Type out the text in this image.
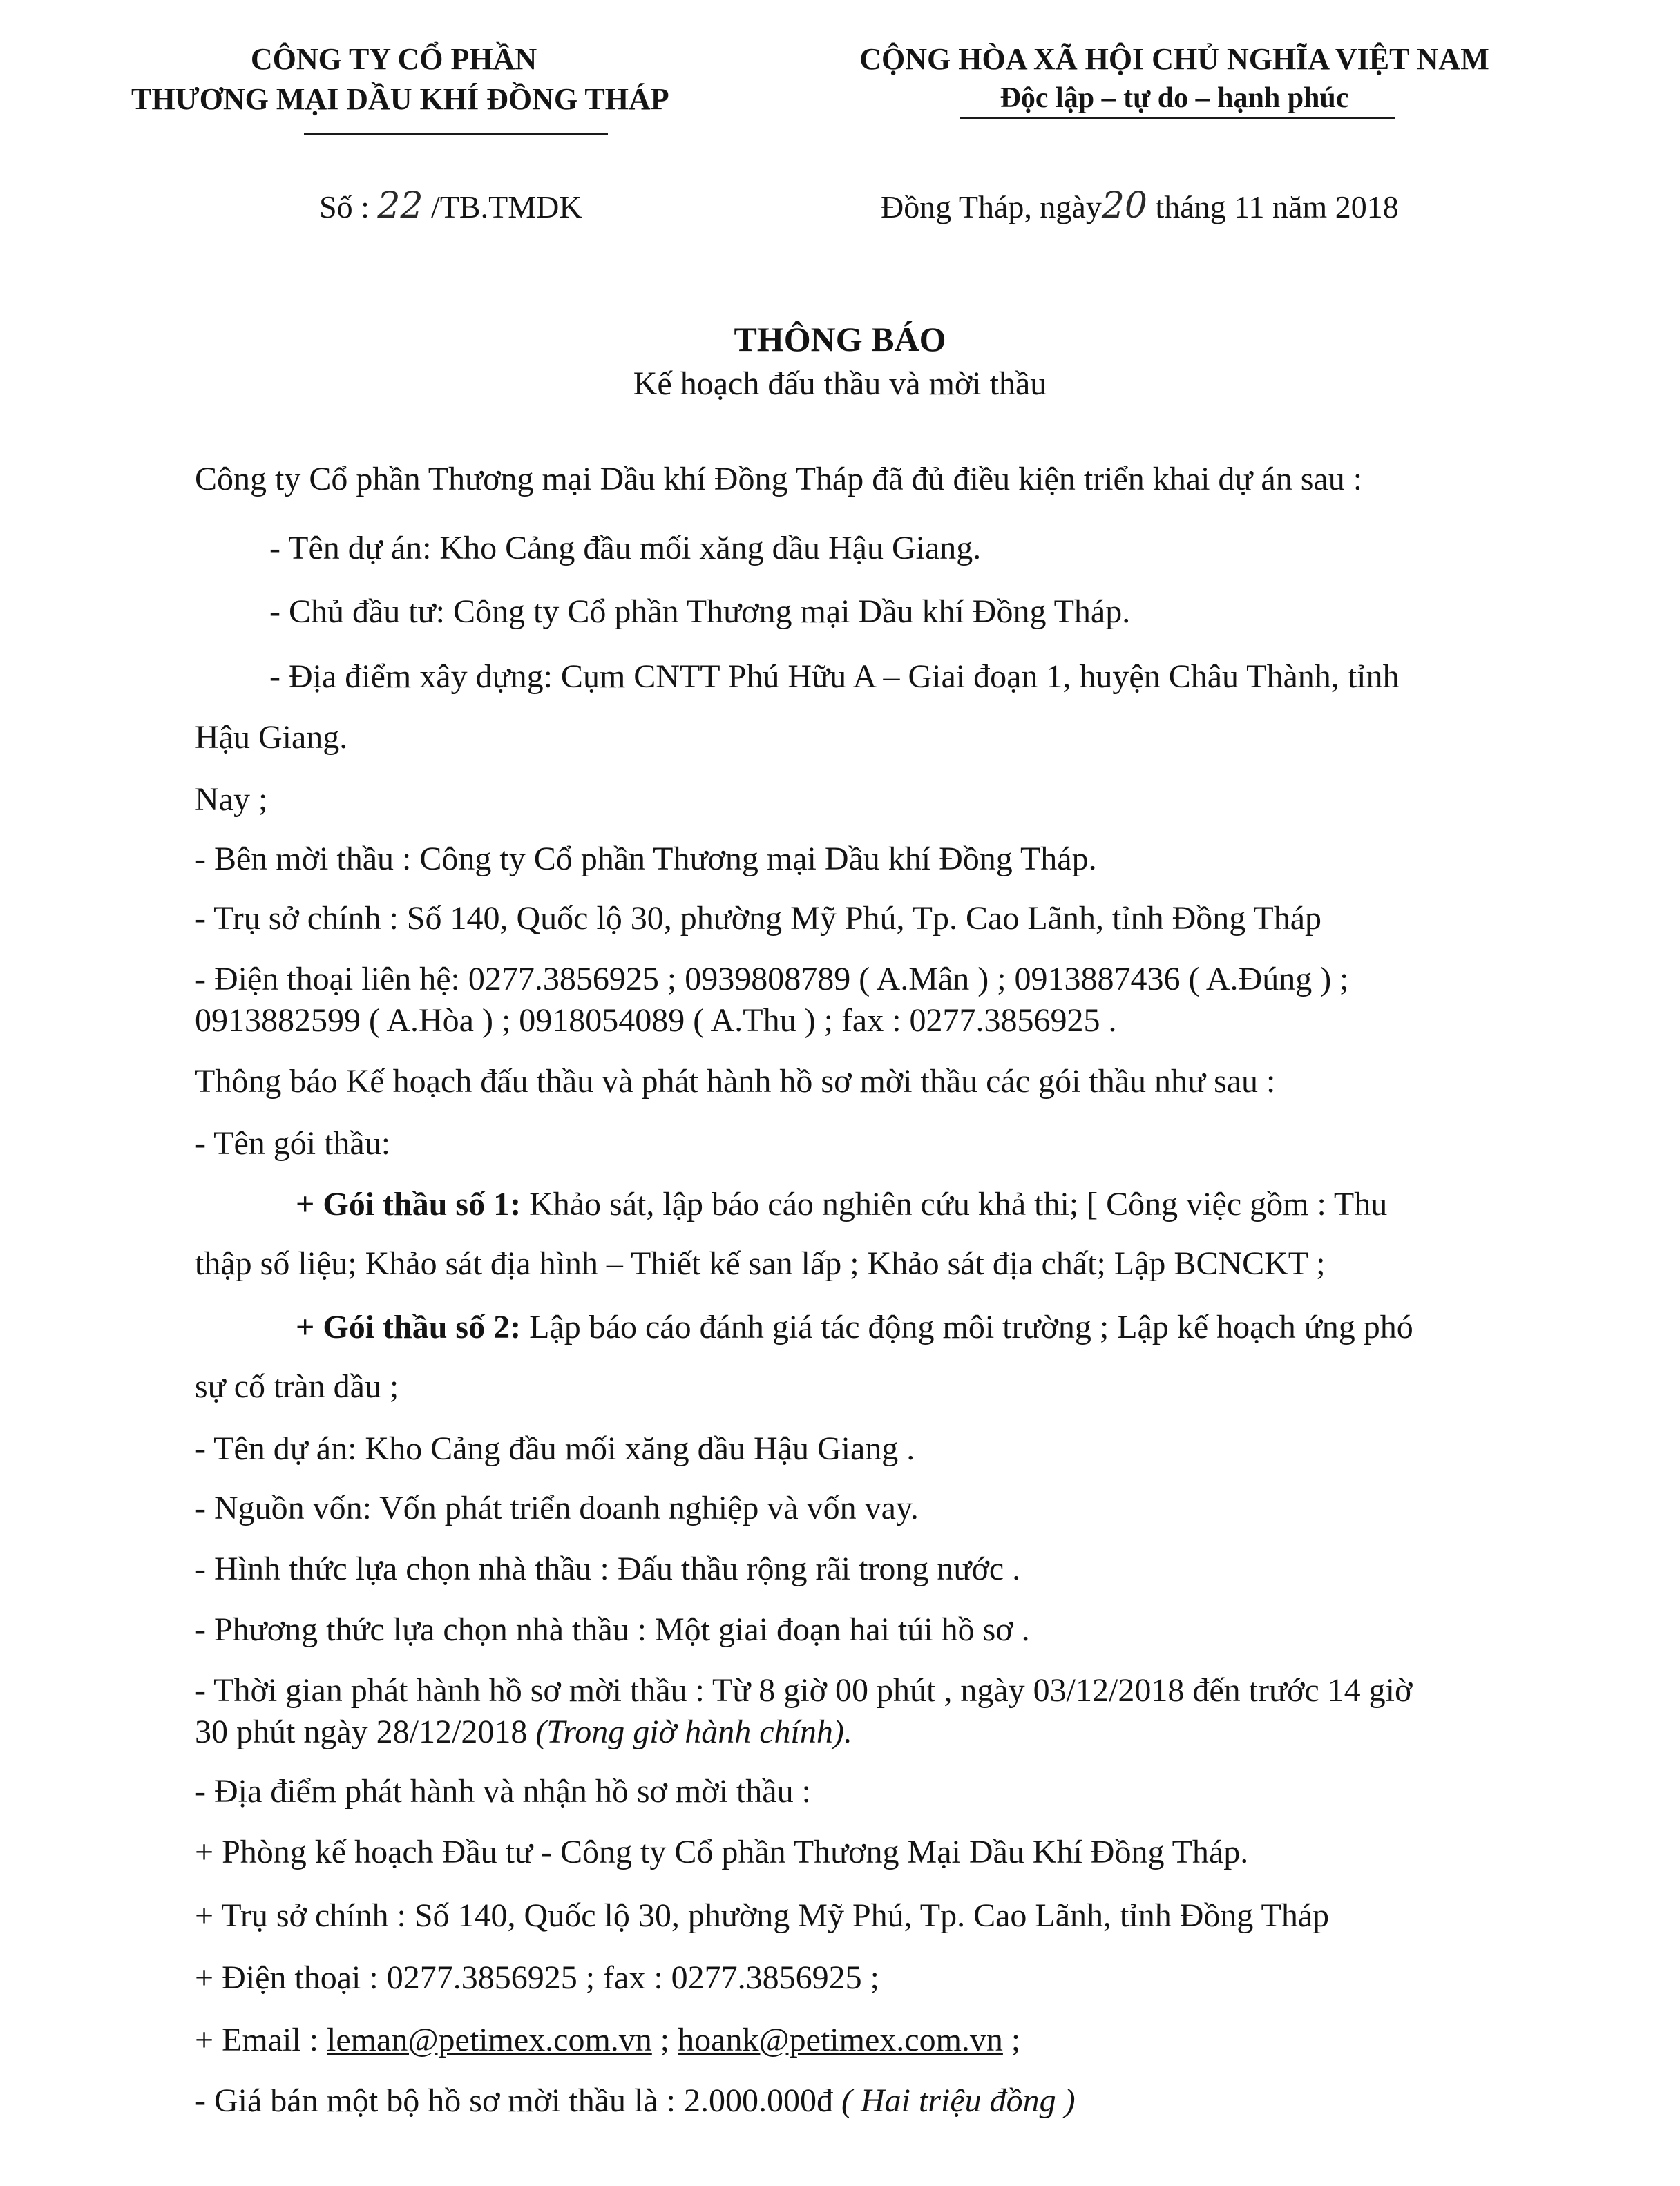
CÔNG TY CỔ PHẦN
THƯƠNG MẠI DẦU KHÍ ĐỒNG THÁP
CỘNG HÒA XÃ HỘI CHỦ NGHĨA VIỆT NAM
Độc lập – tự do – hạnh phúc
Số : 22 /TB.TMDK	Đồng Tháp, ngày20 tháng 11 năm 2018
THÔNG BÁO
Kế hoạch đấu thầu và mời thầu
Công ty Cổ phần Thương mại Dầu khí Đồng Tháp đã đủ điều kiện triển khai dự án sau :
- Tên dự án: Kho Cảng đầu mối xăng dầu Hậu Giang.
- Chủ đầu tư: Công ty Cổ phần Thương mại Dầu khí Đồng Tháp.
- Địa điểm xây dựng: Cụm CNTT Phú Hữu A – Giai đoạn 1, huyện Châu Thành, tỉnh
Hậu Giang.
Nay ;
- Bên mời thầu : Công ty Cổ phần Thương mại Dầu khí Đồng Tháp.
- Trụ sở chính : Số 140, Quốc lộ 30, phường Mỹ Phú, Tp. Cao Lãnh, tỉnh Đồng Tháp
- Điện thoại liên hệ: 0277.3856925 ; 0939808789 ( A.Mân ) ; 0913887436 ( A.Đúng ) ;
0913882599 ( A.Hòa ) ; 0918054089 ( A.Thu ) ; fax : 0277.3856925 .
Thông báo Kế hoạch đấu thầu và phát hành hồ sơ mời thầu các gói thầu như sau :
- Tên gói thầu:
+ Gói thầu số 1: Khảo sát, lập báo cáo nghiên cứu khả thi; [ Công việc gồm : Thu
thập số liệu; Khảo sát địa hình – Thiết kế san lấp ; Khảo sát địa chất; Lập BCNCKT ;
+ Gói thầu số 2: Lập báo cáo đánh giá tác động môi trường ; Lập kế hoạch ứng phó
sự cố tràn dầu ;
- Tên dự án: Kho Cảng đầu mối xăng dầu Hậu Giang .
- Nguồn vốn: Vốn phát triển doanh nghiệp và vốn vay.
- Hình thức lựa chọn nhà thầu : Đấu thầu rộng rãi trong nước .
- Phương thức lựa chọn nhà thầu : Một giai đoạn hai túi hồ sơ .
- Thời gian phát hành hồ sơ mời thầu : Từ 8 giờ 00 phút , ngày 03/12/2018 đến trước 14 giờ
30 phút ngày 28/12/2018 (Trong giờ hành chính).
- Địa điểm phát hành và nhận hồ sơ mời thầu :
+ Phòng kế hoạch Đầu tư - Công ty Cổ phần Thương Mại Dầu Khí Đồng Tháp.
+ Trụ sở chính : Số 140, Quốc lộ 30, phường Mỹ Phú, Tp. Cao Lãnh, tỉnh Đồng Tháp
+ Điện thoại : 0277.3856925 ; fax : 0277.3856925 ;
+ Email : leman@petimex.com.vn ; hoank@petimex.com.vn ;
- Giá bán một bộ hồ sơ mời thầu là : 2.000.000đ ( Hai triệu đồng )
